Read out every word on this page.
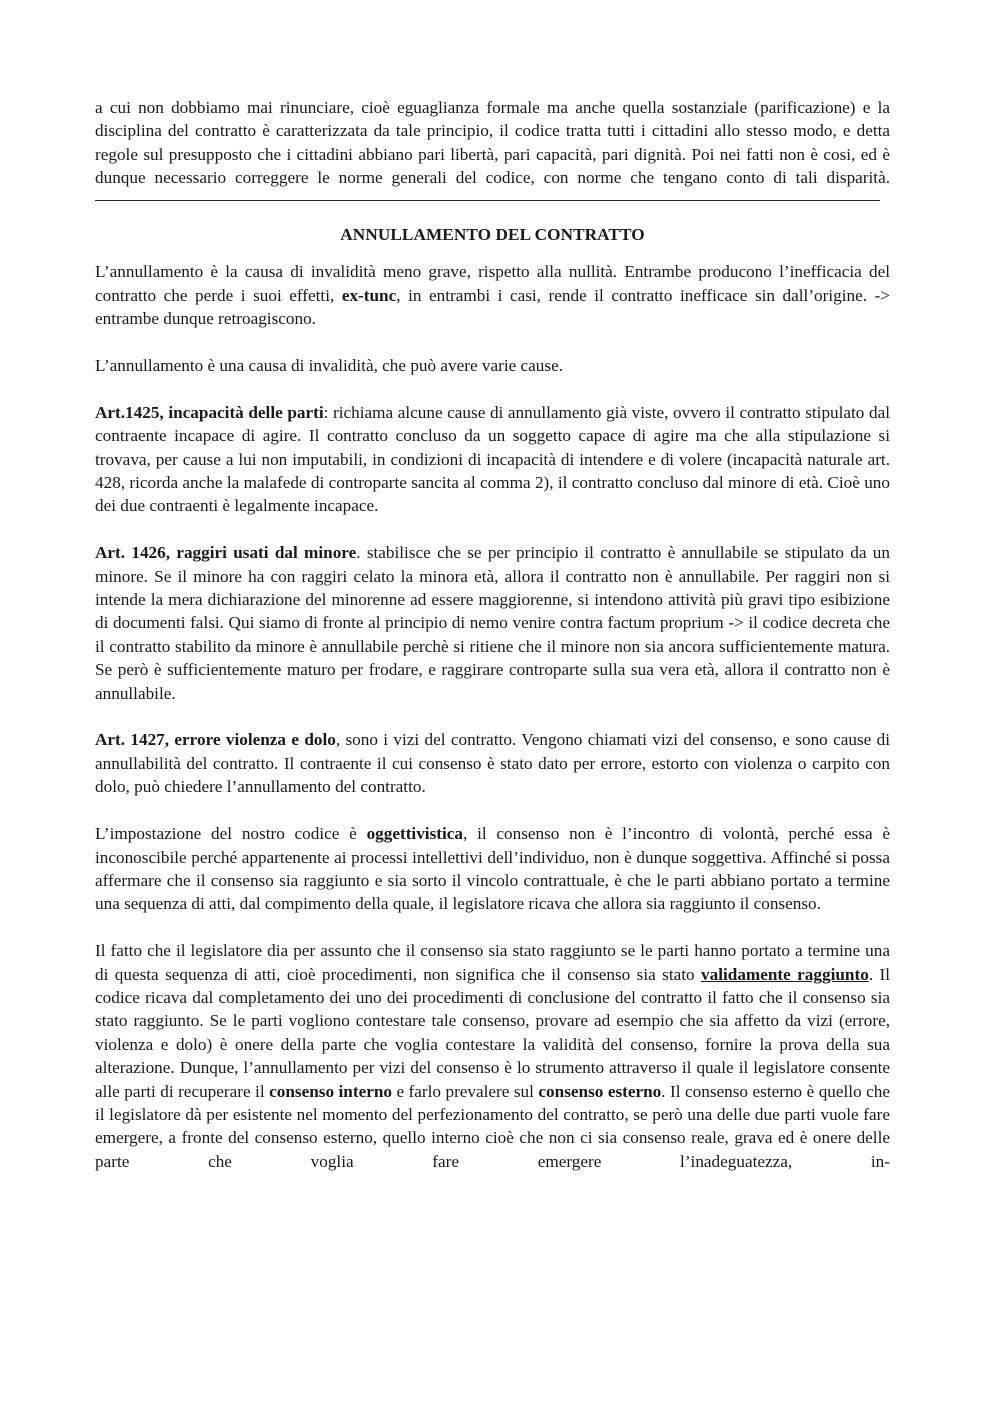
a cui non dobbiamo mai rinunciare, cioè eguaglianza formale ma anche quella sostanziale (parificazione) e la disciplina del contratto è caratterizzata da tale principio, il codice tratta tutti i cittadini allo stesso modo, e detta regole sul presupposto che i cittadini abbiano pari libertà, pari capacità, pari dignità. Poi nei fatti non è cosi, ed è dunque necessario correggere le norme generali del codice, con norme che tengano conto di tali disparità.

ANNULLAMENTO DEL CONTRATTO

L’annullamento è la causa di invalidità meno grave, rispetto alla nullità. Entrambe producono l’inefficacia del contratto che perde i suoi effetti, ex-tunc, in entrambi i casi, rende il contratto inefficace sin dall’origine. -> entrambe dunque retroagiscono.

L’annullamento è una causa di invalidità, che può avere varie cause.

Art.1425, incapacità delle parti: richiama alcune cause di annullamento già viste, ovvero il contratto stipulato dal contraente incapace di agire. Il contratto concluso da un soggetto capace di agire ma che alla stipulazione si trovava, per cause a lui non imputabili, in condizioni di incapacità di intendere e di volere (incapacità naturale art. 428, ricorda anche la malafede di controparte sancita al comma 2), il contratto concluso dal minore di età. Cioè uno dei due contraenti è legalmente incapace.

Art. 1426, raggiri usati dal minore. stabilisce che se per principio il contratto è annullabile se stipulato da un minore. Se il minore ha con raggiri celato la minora età, allora il contratto non è annullabile. Per raggiri non si intende la mera dichiarazione del minorenne ad essere maggiorenne, si intendono attività più gravi tipo esibizione di documenti falsi. Qui siamo di fronte al principio di nemo venire contra factum proprium -> il codice decreta che il contratto stabilito da minore è annullabile perchè si ritiene che il minore non sia ancora sufficientemente matura. Se però è sufficientemente maturo per frodare, e raggirare controparte sulla sua vera età, allora il contratto non è annullabile.

Art. 1427, errore violenza e dolo, sono i vizi del contratto. Vengono chiamati vizi del consenso, e sono cause di annullabilità del contratto. Il contraente il cui consenso è stato dato per errore, estorto con violenza o carpito con dolo, può chiedere l’annullamento del contratto.

L’impostazione del nostro codice è oggettivistica, il consenso non è l’incontro di volontà, perché essa è inconoscibile perché appartenente ai processi intellettivi dell’individuo, non è dunque soggettiva. Affinché si possa affermare che il consenso sia raggiunto e sia sorto il vincolo contrattuale, è che le parti abbiano portato a termine una sequenza di atti, dal compimento della quale, il legislatore ricava che allora sia raggiunto il consenso.

Il fatto che il legislatore dia per assunto che il consenso sia stato raggiunto se le parti hanno portato a termine una di questa sequenza di atti, cioè procedimenti, non significa che il consenso sia stato validamente raggiunto. Il codice ricava dal completamento dei uno dei procedimenti di conclusione del contratto il fatto che il consenso sia stato raggiunto. Se le parti vogliono contestare tale consenso, provare ad esempio che sia affetto da vizi (errore, violenza e dolo) è onere della parte che voglia contestare la validità del consenso, fornire la prova della sua alterazione. Dunque, l’annullamento per vizi del consenso è lo strumento attraverso il quale il legislatore consente alle parti di recuperare il consenso interno e farlo prevalere sul consenso esterno. Il consenso esterno è quello che il legislatore dà per esistente nel momento del perfezionamento del contratto, se però una delle due parti vuole fare emergere, a fronte del consenso esterno, quello interno cioè che non ci sia consenso reale, grava ed è onere delle parte che voglia fare emergere l’inadeguatezza, in-
